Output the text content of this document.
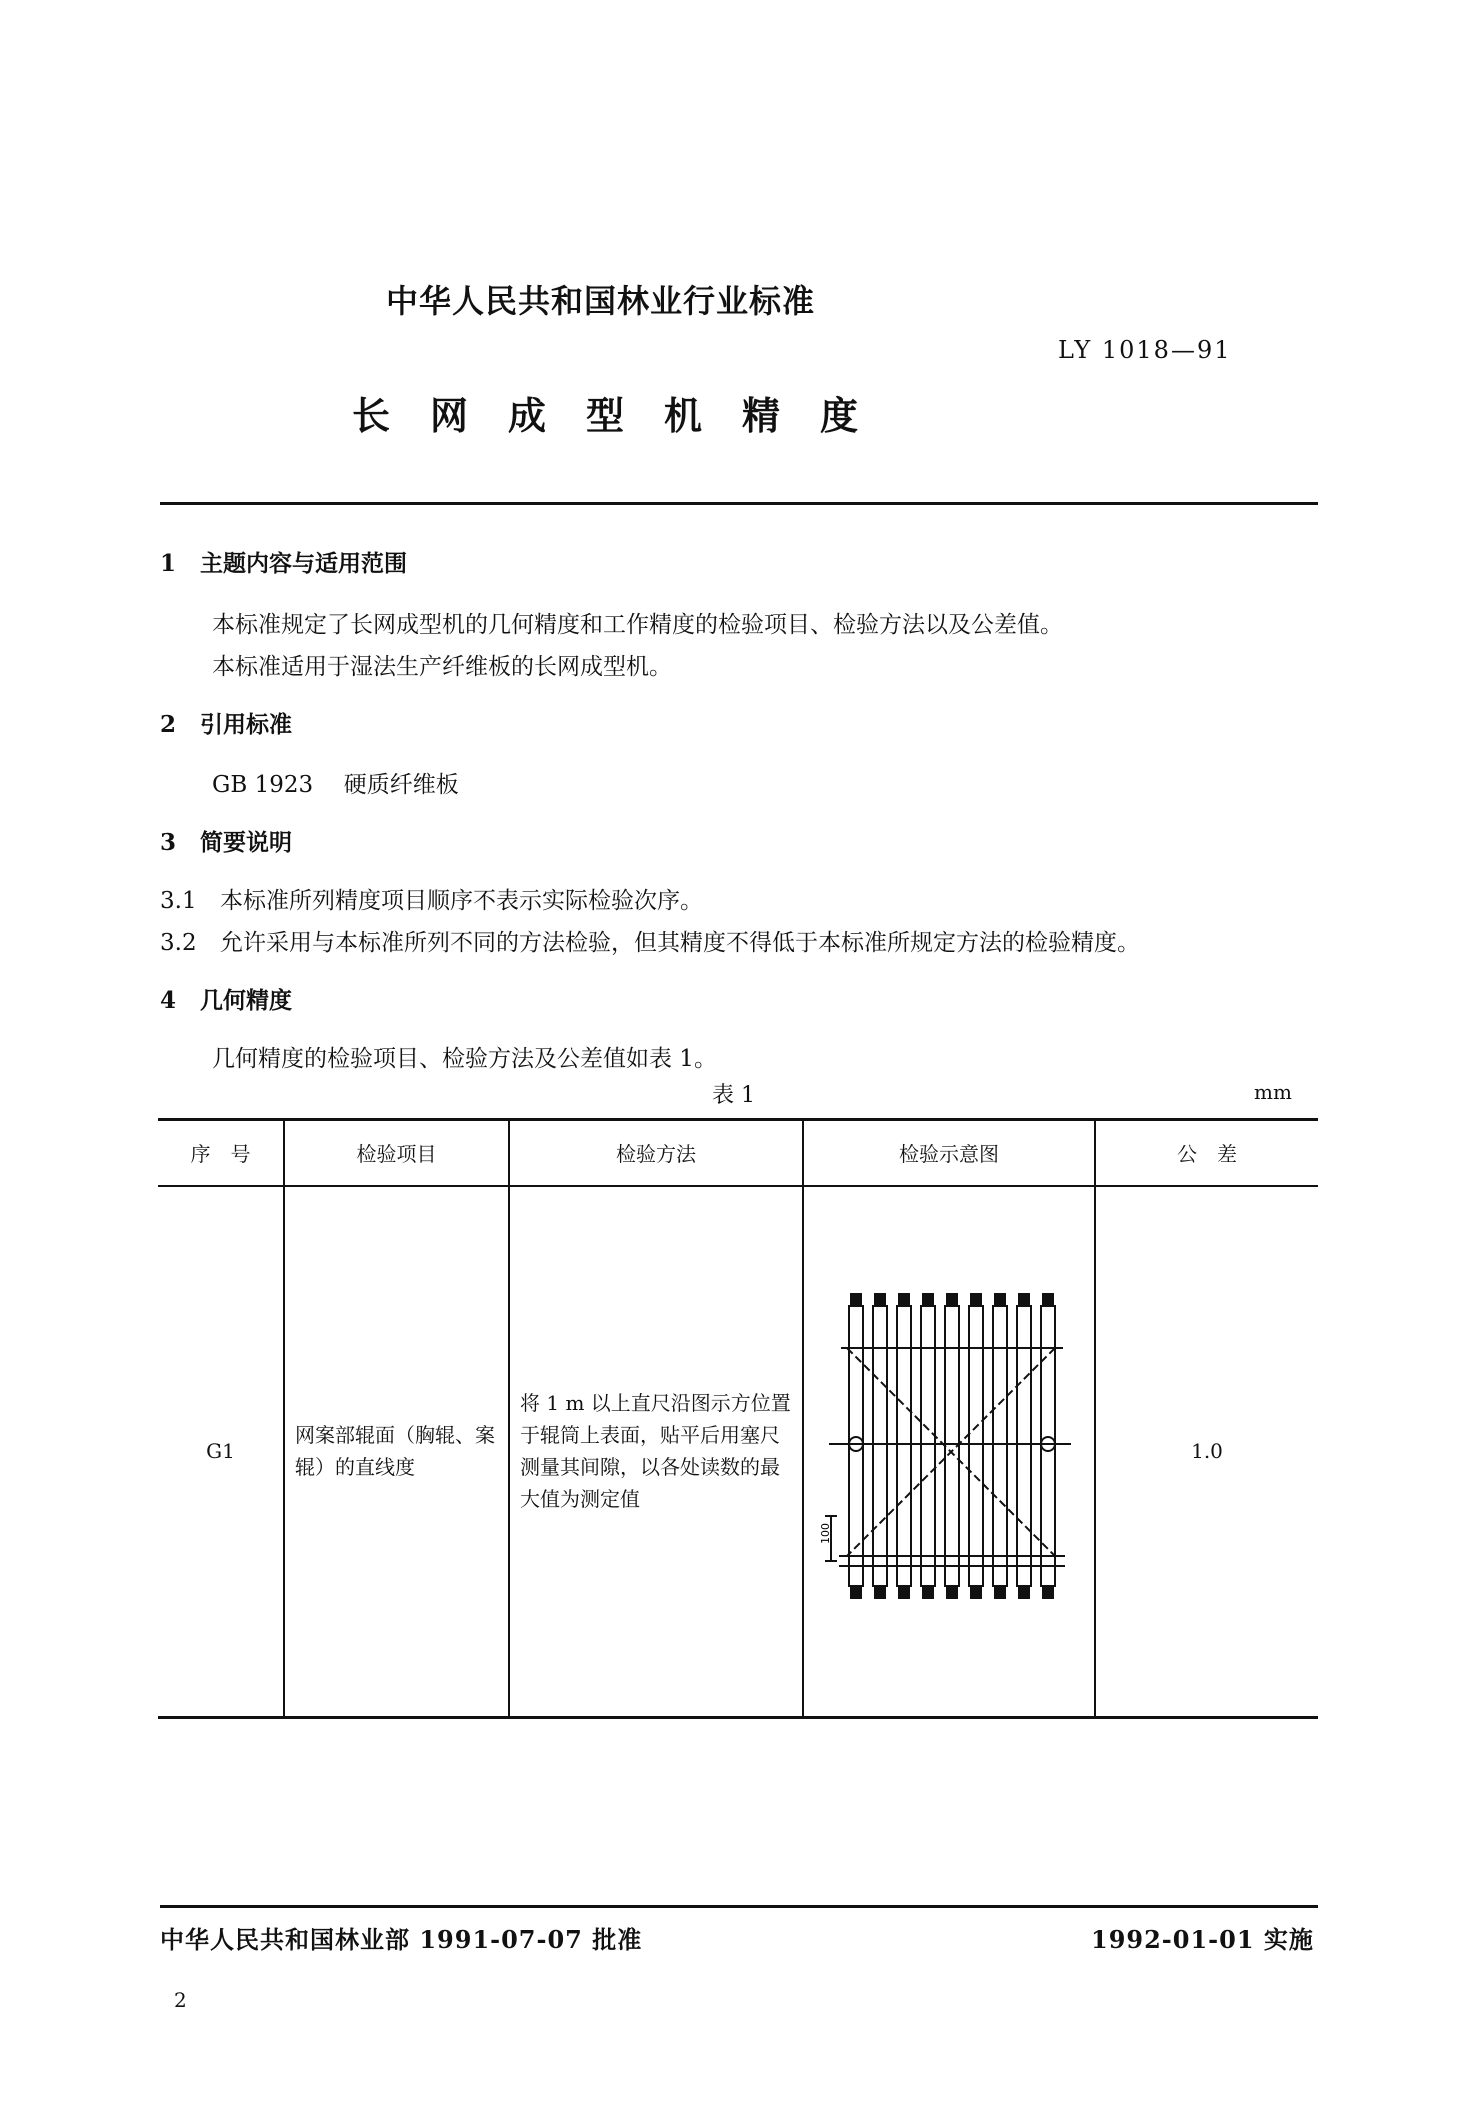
中华人民共和国林业行业标准
LY 1018—91
长网成型机精度
1 主题内容与适用范围
本标准规定了长网成型机的几何精度和工作精度的检验项目、检验方法以及公差值。
本标准适用于湿法生产纤维板的长网成型机。
2 引用标准
GB 1923 硬质纤维板
3 简要说明
3.1 本标准所列精度项目顺序不表示实际检验次序。
3.2 允许采用与本标准所列不同的方法检验，但其精度不得低于本标准所规定方法的检验精度。
4 几何精度
几何精度的检验项目、检验方法及公差值如表 1。
表 1	mm
序　号	检验项目	检验方法	检验示意图	公　差
G1	网案部辊面（胸辊、案辊）的直线度	将 1 m 以上直尺沿图示方位置于辊筒上表面，贴平后用塞尺测量其间隙，以各处读数的最大值为测定值	100	1.0
中华人民共和国林业部 1991-07-07 批准	1992-01-01 实施
2
